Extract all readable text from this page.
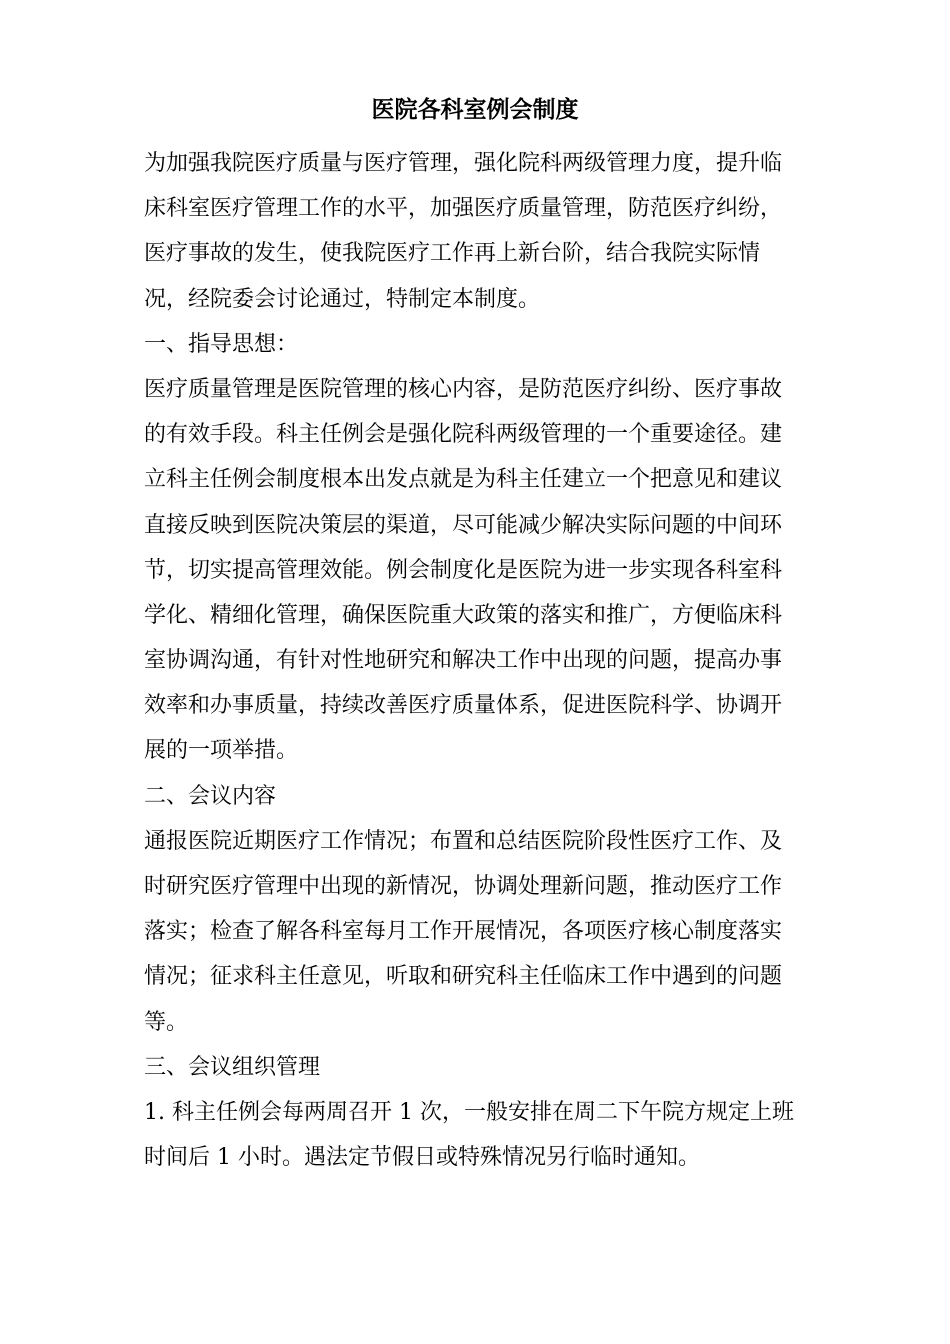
医院各科室例会制度
为加强我院医疗质量与医疗管理，强化院科两级管理力度，提升临
床科室医疗管理工作的水平，加强医疗质量管理，防范医疗纠纷，
医疗事故的发生，使我院医疗工作再上新台阶，结合我院实际情
况，经院委会讨论通过，特制定本制度。
一、指导思想：
医疗质量管理是医院管理的核心内容，是防范医疗纠纷、医疗事故
的有效手段。科主任例会是强化院科两级管理的一个重要途径。建
立科主任例会制度根本出发点就是为科主任建立一个把意见和建议
直接反映到医院决策层的渠道，尽可能减少解决实际问题的中间环
节，切实提高管理效能。例会制度化是医院为进一步实现各科室科
学化、精细化管理，确保医院重大政策的落实和推广，方便临床科
室协调沟通，有针对性地研究和解决工作中出现的问题，提高办事
效率和办事质量，持续改善医疗质量体系，促进医院科学、协调开
展的一项举措。
二、会议内容
通报医院近期医疗工作情况；布置和总结医院阶段性医疗工作、及
时研究医疗管理中出现的新情况，协调处理新问题，推动医疗工作
落实；检查了解各科室每月工作开展情况，各项医疗核心制度落实
情况；征求科主任意见，听取和研究科主任临床工作中遇到的问题
等。
三、会议组织管理
1. 科主任例会每两周召开 1 次，一般安排在周二下午院方规定上班
时间后 1 小时。遇法定节假日或特殊情况另行临时通知。
